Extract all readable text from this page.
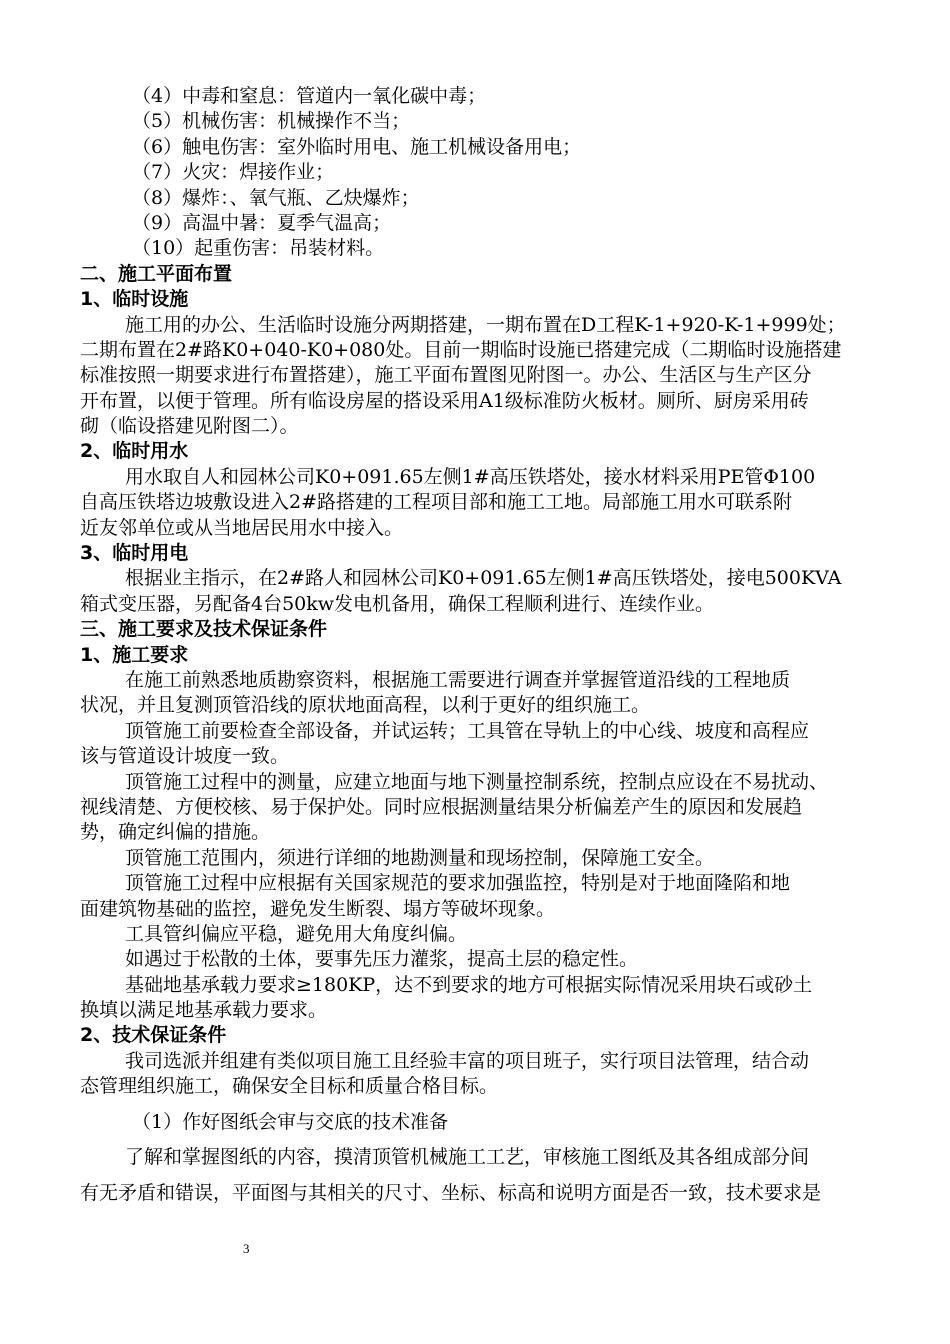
（4）中毒和窒息：管道内一氧化碳中毒；
（5）机械伤害：机械操作不当；
（6）触电伤害：室外临时用电、施工机械设备用电；
（7）火灾：焊接作业；
（8）爆炸：、氧气瓶、乙炔爆炸；
（9）高温中暑：夏季气温高；
（10）起重伤害：吊装材料。
二、施工平面布置
1、临时设施
施工用的办公、生活临时设施分两期搭建，一期布置在D工程K-1+920-K-1+999处；
二期布置在2#路K0+040-K0+080处。目前一期临时设施已搭建完成（二期临时设施搭建
标准按照一期要求进行布置搭建），施工平面布置图见附图一。办公、生活区与生产区分
开布置，以便于管理。所有临设房屋的搭设采用A1级标准防火板材。厕所、厨房采用砖
砌（临设搭建见附图二）。
2、临时用水
用水取自人和园林公司K0+091.65左侧1#高压铁塔处，接水材料采用PE管Φ100
自高压铁塔边坡敷设进入2#路搭建的工程项目部和施工工地。局部施工用水可联系附
近友邻单位或从当地居民用水中接入。
3、临时用电
根据业主指示，在2#路人和园林公司K0+091.65左侧1#高压铁塔处，接电500KVA
箱式变压器，另配备4台50kw发电机备用，确保工程顺利进行、连续作业。
三、施工要求及技术保证条件
1、施工要求
在施工前熟悉地质勘察资料，根据施工需要进行调查并掌握管道沿线的工程地质
状况，并且复测顶管沿线的原状地面高程，以利于更好的组织施工。
顶管施工前要检查全部设备，并试运转；工具管在导轨上的中心线、坡度和高程应
该与管道设计坡度一致。
顶管施工过程中的测量，应建立地面与地下测量控制系统，控制点应设在不易扰动、
视线清楚、方便校核、易于保护处。同时应根据测量结果分析偏差产生的原因和发展趋
势，确定纠偏的措施。
顶管施工范围内，须进行详细的地勘测量和现场控制，保障施工安全。
顶管施工过程中应根据有关国家规范的要求加强监控，特别是对于地面隆陷和地
面建筑物基础的监控，避免发生断裂、塌方等破坏现象。
工具管纠偏应平稳，避免用大角度纠偏。
如遇过于松散的土体，要事先压力灌浆，提高土层的稳定性。
基础地基承载力要求≥180KP，达不到要求的地方可根据实际情况采用块石或砂土
换填以满足地基承载力要求。
2、技术保证条件
我司选派并组建有类似项目施工且经验丰富的项目班子，实行项目法管理，结合动
态管理组织施工，确保安全目标和质量合格目标。
（1）作好图纸会审与交底的技术准备
了解和掌握图纸的内容，摸清顶管机械施工工艺，审核施工图纸及其各组成部分间
有无矛盾和错误，平面图与其相关的尺寸、坐标、标高和说明方面是否一致，技术要求是
3
